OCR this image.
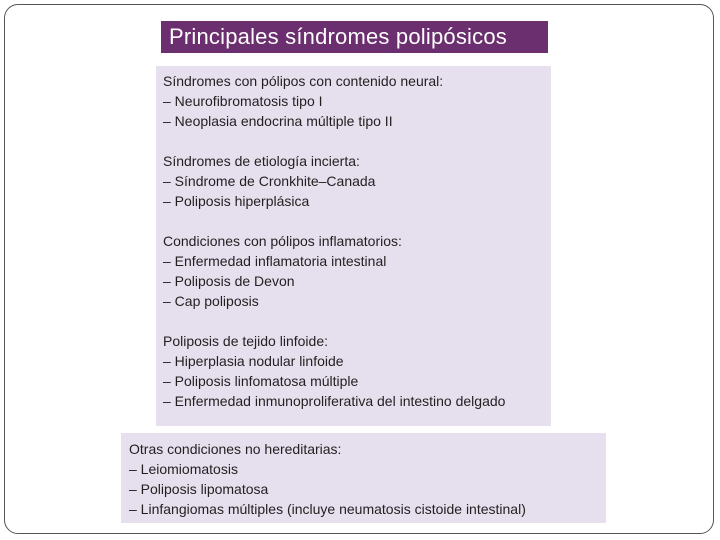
Principales síndromes polipósicos
Síndromes con pólipos con contenido neural:
– Neurofibromatosis tipo I
– Neoplasia endocrina múltiple tipo II
Síndromes de etiología incierta:
– Síndrome de Cronkhite–Canada
– Poliposis hiperplásica
Condiciones con pólipos inflamatorios:
– Enfermedad inflamatoria intestinal
– Poliposis de Devon
– Cap poliposis
Poliposis de tejido linfoide:
– Hiperplasia nodular linfoide
– Poliposis linfomatosa múltiple
– Enfermedad inmunoproliferativa del intestino delgado
Otras condiciones no hereditarias:
– Leiomiomatosis
– Poliposis lipomatosa
– Linfangiomas múltiples (incluye neumatosis cistoide intestinal)
